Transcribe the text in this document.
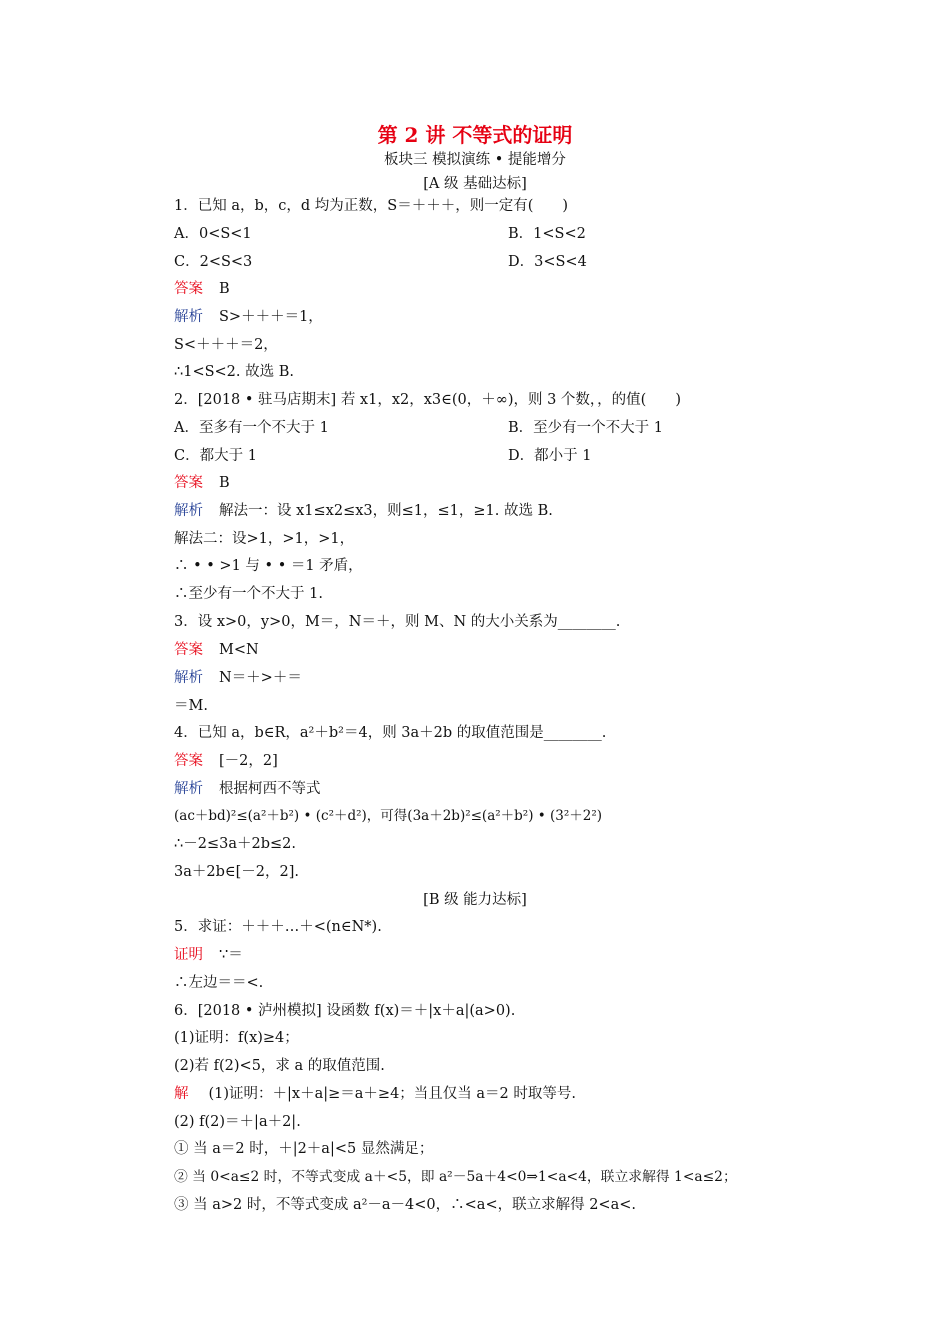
第 2 讲 不等式的证明
板块三 模拟演练 • 提能增分
[A 级 基础达标]
1．已知 a，b，c，d 均为正数，S＝＋＋＋，则一定有(　　)
A．0<S<1	B．1<S<2
C．2<S<3	D．3<S<4
答案 B
解析 S>＋＋＋＝1，
S<＋＋＋＝2，
∴1<S<2. 故选 B.
2．[2018 • 驻马店期末] 若 x1，x2，x3∈(0，＋∞)，则 3 个数，，的值(　　)
A．至多有一个不大于 1	B．至少有一个不大于 1
C．都大于 1	D．都小于 1
答案 B
解析 解法一：设 x1≤x2≤x3，则≤1，≤1，≥1. 故选 B.
解法二：设>1，>1，>1，
∴ • • >1 与 • • ＝1 矛盾，
∴至少有一个不大于 1.
3．设 x>0，y>0，M＝，N＝＋，则 M、N 的大小关系为________.
答案 M<N
解析 N＝＋>＋＝
＝M.
4．已知 a，b∈R，a²＋b²＝4，则 3a＋2b 的取值范围是________.
答案 [－2，2]
解析 根据柯西不等式
(ac＋bd)²≤(a²＋b²) • (c²＋d²)，可得(3a＋2b)²≤(a²＋b²) • (3²＋2²)
∴－2≤3a＋2b≤2.
3a＋2b∈[－2，2].
[B 级 能力达标]
5．求证：＋＋＋…＋<(n∈N*).
证明 ∵＝
∴左边＝＝<.
6．[2018 • 泸州模拟] 设函数 f(x)＝＋|x＋a|(a>0).
(1)证明：f(x)≥4；
(2)若 f(2)<5，求 a 的取值范围.
解 (1)证明：＋|x＋a|≥＝a＋≥4；当且仅当 a＝2 时取等号.
(2) f(2)＝＋|a＋2|.
① 当 a＝2 时，＋|2＋a|<5 显然满足；
② 当 0<a≤2 时，不等式变成 a＋<5，即 a²－5a＋4<0⇒1<a<4，联立求解得 1<a≤2；
③ 当 a>2 时，不等式变成 a²－a－4<0，∴<a<，联立求解得 2<a<.
